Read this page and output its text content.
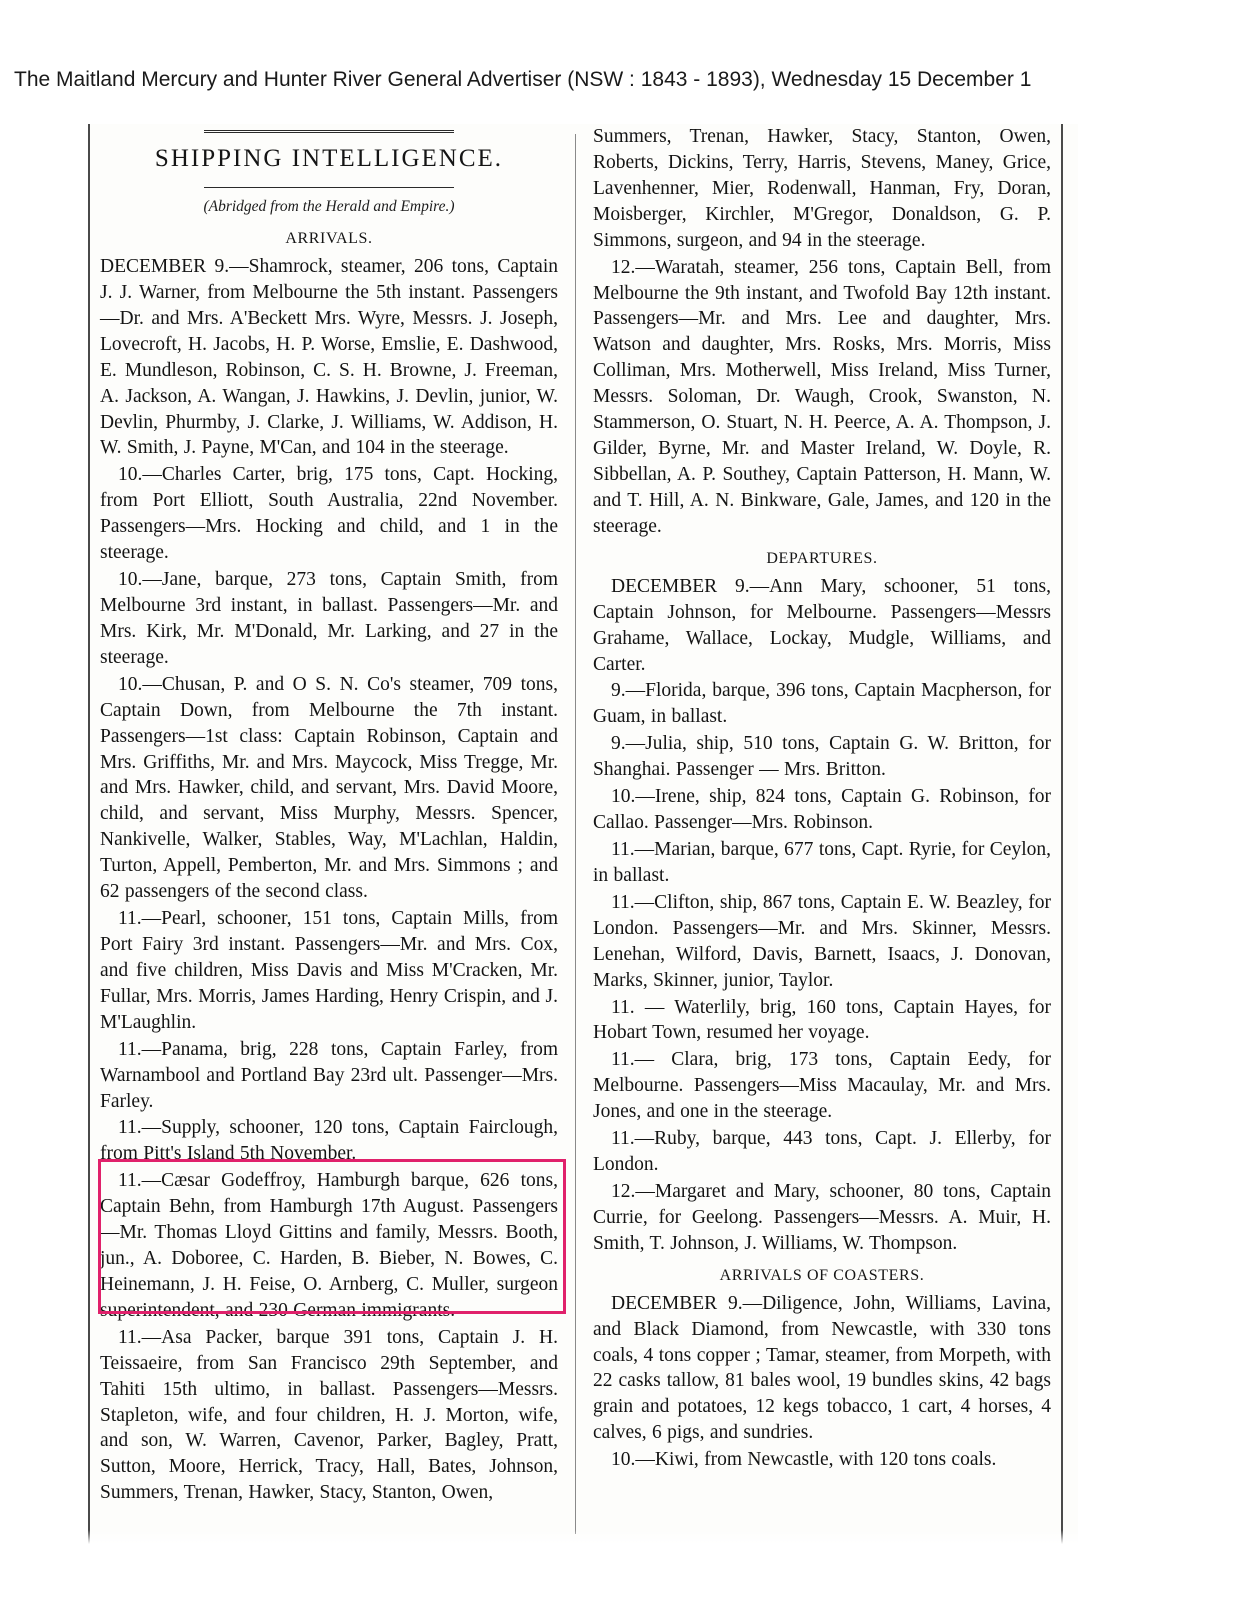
The Maitland Mercury and Hunter River General Advertiser (NSW : 1843 - 1893), Wednesday 15 December 1
SHIPPING INTELLIGENCE.
(Abridged from the Herald and Empire.)
ARRIVALS.

DECEMBER 9.—Shamrock, steamer, 206 tons, Captain J. J. Warner, from Melbourne the 5th instant. Passengers—Dr. and Mrs. A'Beckett Mrs. Wyre, Messrs. J. Joseph, Lovecroft, H. Jacobs, H. P. Worse, Emslie, E. Dashwood, E. Mundleson, Robinson, C. S. H. Browne, J. Freeman, A. Jackson, A. Wangan, J. Hawkins, J. Devlin, junior, W. Devlin, Phurmby, J. Clarke, J. Williams, W. Addison, H. W. Smith, J. Payne, M'Can, and 104 in the steerage.

10.—Charles Carter, brig, 175 tons, Capt. Hocking, from Port Elliott, South Australia, 22nd November. Passengers—Mrs. Hocking and child, and 1 in the steerage.

10.—Jane, barque, 273 tons, Captain Smith, from Melbourne 3rd instant, in ballast. Passengers—Mr. and Mrs. Kirk, Mr. M'Donald, Mr. Larking, and 27 in the steerage.

10.—Chusan, P. and O S. N. Co's steamer, 709 tons, Captain Down, from Melbourne the 7th instant. Passengers—1st class: Captain Robinson, Captain and Mrs. Griffiths, Mr. and Mrs. Maycock, Miss Tregge, Mr. and Mrs. Hawker, child, and servant, Mrs. David Moore, child, and servant, Miss Murphy, Messrs. Spencer, Nankivelle, Walker, Stables, Way, M'Lachlan, Haldin, Turton, Appell, Pemberton, Mr. and Mrs. Simmons ; and 62 passengers of the second class.

11.—Pearl, schooner, 151 tons, Captain Mills, from Port Fairy 3rd instant. Passengers—Mr. and Mrs. Cox, and five children, Miss Davis and Miss M'Cracken, Mr. Fullar, Mrs. Morris, James Harding, Henry Crispin, and J. M'Laughlin.

11.—Panama, brig, 228 tons, Captain Farley, from Warnambool and Portland Bay 23rd ult. Passenger—Mrs. Farley.

11.—Supply, schooner, 120 tons, Captain Fairclough, from Pitt's Island 5th November.

11.—Cæsar Godeffroy, Hamburgh barque, 626 tons, Captain Behn, from Hamburgh 17th August. Passengers—Mr. Thomas Lloyd Gittins and family, Messrs. Booth, jun., A. Doboree, C. Harden, B. Bieber, N. Bowes, C. Heinemann, J. H. Feise, O. Arnberg, C. Muller, surgeon superintendent, and 230 German immigrants.

11.—Asa Packer, barque 391 tons, Captain J. H. Teissaeire, from San Francisco 29th September, and Tahiti 15th ultimo, in ballast. Passengers—Messrs. Stapleton, wife, and four children, H. J. Morton, wife, and son, W. Warren, Cavenor, Parker, Bagley, Pratt, Sutton, Moore, Herrick, Tracy, Hall, Bates, Johnson, Summers, Trenan, Hawker, Stacy, Stanton, Owen,

Summers, Trenan, Hawker, Stacy, Stanton, Owen, Roberts, Dickins, Terry, Harris, Stevens, Maney, Grice, Lavenhenner, Mier, Rodenwall, Hanman, Fry, Doran, Moisberger, Kirchler, M'Gregor, Donaldson, G. P. Simmons, surgeon, and 94 in the steerage.

12.—Waratah, steamer, 256 tons, Captain Bell, from Melbourne the 9th instant, and Twofold Bay 12th instant. Passengers—Mr. and Mrs. Lee and daughter, Mrs. Watson and daughter, Mrs. Rosks, Mrs. Morris, Miss Colliman, Mrs. Motherwell, Miss Ireland, Miss Turner, Messrs. Soloman, Dr. Waugh, Crook, Swanston, N. Stammerson, O. Stuart, N. H. Peerce, A. A. Thompson, J. Gilder, Byrne, Mr. and Master Ireland, W. Doyle, R. Sibbellan, A. P. Southey, Captain Patterson, H. Mann, W. and T. Hill, A. N. Binkware, Gale, James, and 120 in the steerage.

DEPARTURES.

DECEMBER 9.—Ann Mary, schooner, 51 tons, Captain Johnson, for Melbourne. Passengers—Messrs Grahame, Wallace, Lockay, Mudgle, Williams, and Carter.

9.—Florida, barque, 396 tons, Captain Macpherson, for Guam, in ballast.

9.—Julia, ship, 510 tons, Captain G. W. Britton, for Shanghai. Passenger — Mrs. Britton.

10.—Irene, ship, 824 tons, Captain G. Robinson, for Callao. Passenger—Mrs. Robinson.

11.—Marian, barque, 677 tons, Capt. Ryrie, for Ceylon, in ballast.

11.—Clifton, ship, 867 tons, Captain E. W. Beazley, for London. Passengers—Mr. and Mrs. Skinner, Messrs. Lenehan, Wilford, Davis, Barnett, Isaacs, J. Donovan, Marks, Skinner, junior, Taylor.

11. — Waterlily, brig, 160 tons, Captain Hayes, for Hobart Town, resumed her voyage.

11.— Clara, brig, 173 tons, Captain Eedy, for Melbourne. Passengers—Miss Macaulay, Mr. and Mrs. Jones, and one in the steerage.

11.—Ruby, barque, 443 tons, Capt. J. Ellerby, for London.

12.—Margaret and Mary, schooner, 80 tons, Captain Currie, for Geelong. Passengers—Messrs. A. Muir, H. Smith, T. Johnson, J. Williams, W. Thompson.

ARRIVALS OF COASTERS.

DECEMBER 9.—Diligence, John, Williams, Lavina, and Black Diamond, from Newcastle, with 330 tons coals, 4 tons copper ; Tamar, steamer, from Morpeth, with 22 casks tallow, 81 bales wool, 19 bundles skins, 42 bags grain and potatoes, 12 kegs tobacco, 1 cart, 4 horses, 4 calves, 6 pigs, and sundries.

10.—Kiwi, from Newcastle, with 120 tons coals.
